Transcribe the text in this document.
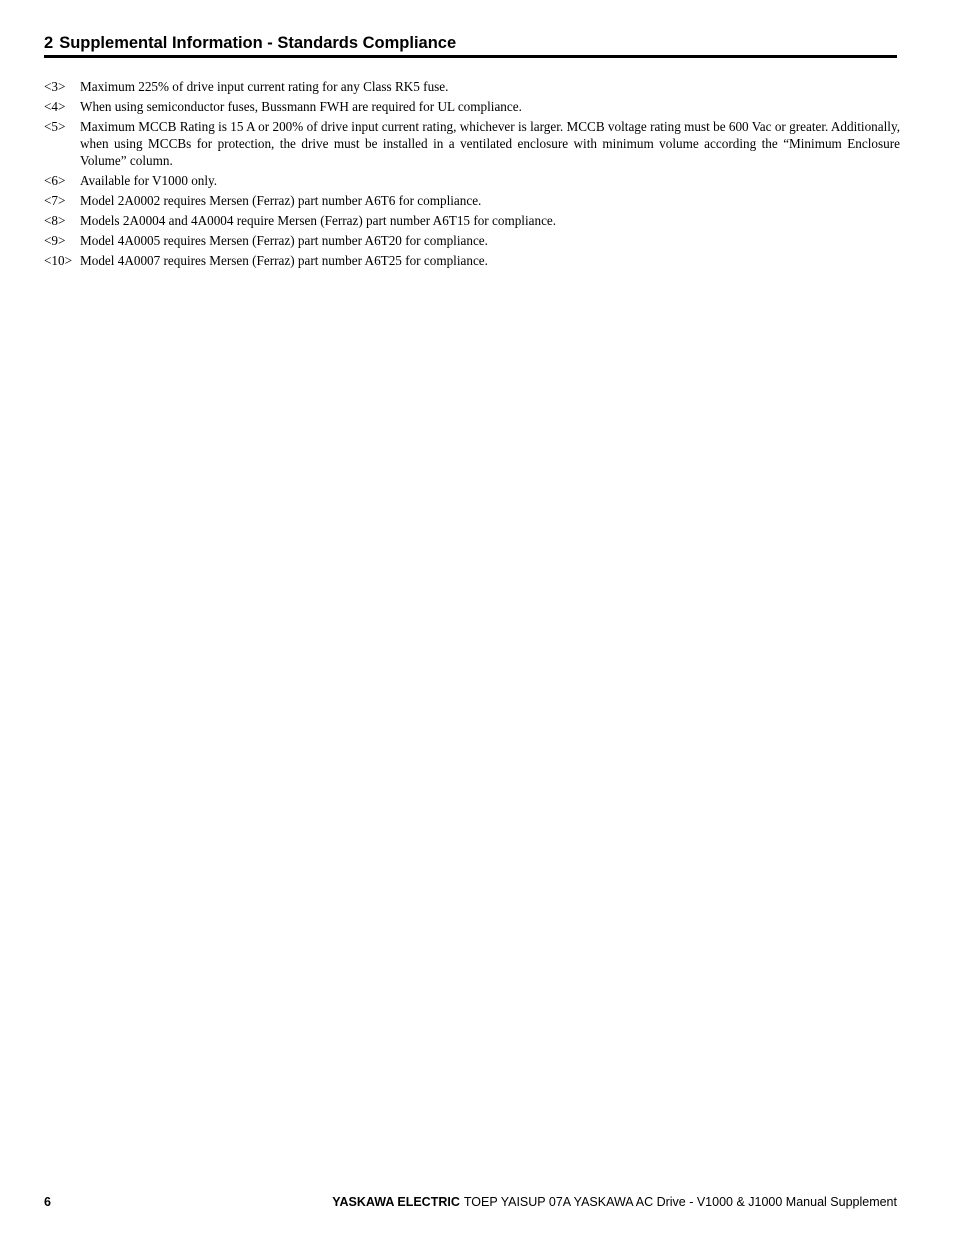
2 Supplemental Information - Standards Compliance
<3>	Maximum 225% of drive input current rating for any Class RK5 fuse.
<4>	When using semiconductor fuses, Bussmann FWH are required for UL compliance.
<5>	Maximum MCCB Rating is 15 A or 200% of drive input current rating, whichever is larger. MCCB voltage rating must be 600 Vac or greater. Additionally, when using MCCBs for protection, the drive must be installed in a ventilated enclosure with minimum volume according the “Minimum Enclosure Volume” column.
<6>	Available for V1000 only.
<7>	Model 2A0002 requires Mersen (Ferraz) part number A6T6 for compliance.
<8>	Models 2A0004 and 4A0004 require Mersen (Ferraz) part number A6T15 for compliance.
<9>	Model 4A0005 requires Mersen (Ferraz) part number A6T20 for compliance.
<10> Model 4A0007 requires Mersen (Ferraz) part number A6T25 for compliance.
6	YASKAWA ELECTRIC TOEP YAISUP 07A YASKAWA AC Drive - V1000 & J1000 Manual Supplement
